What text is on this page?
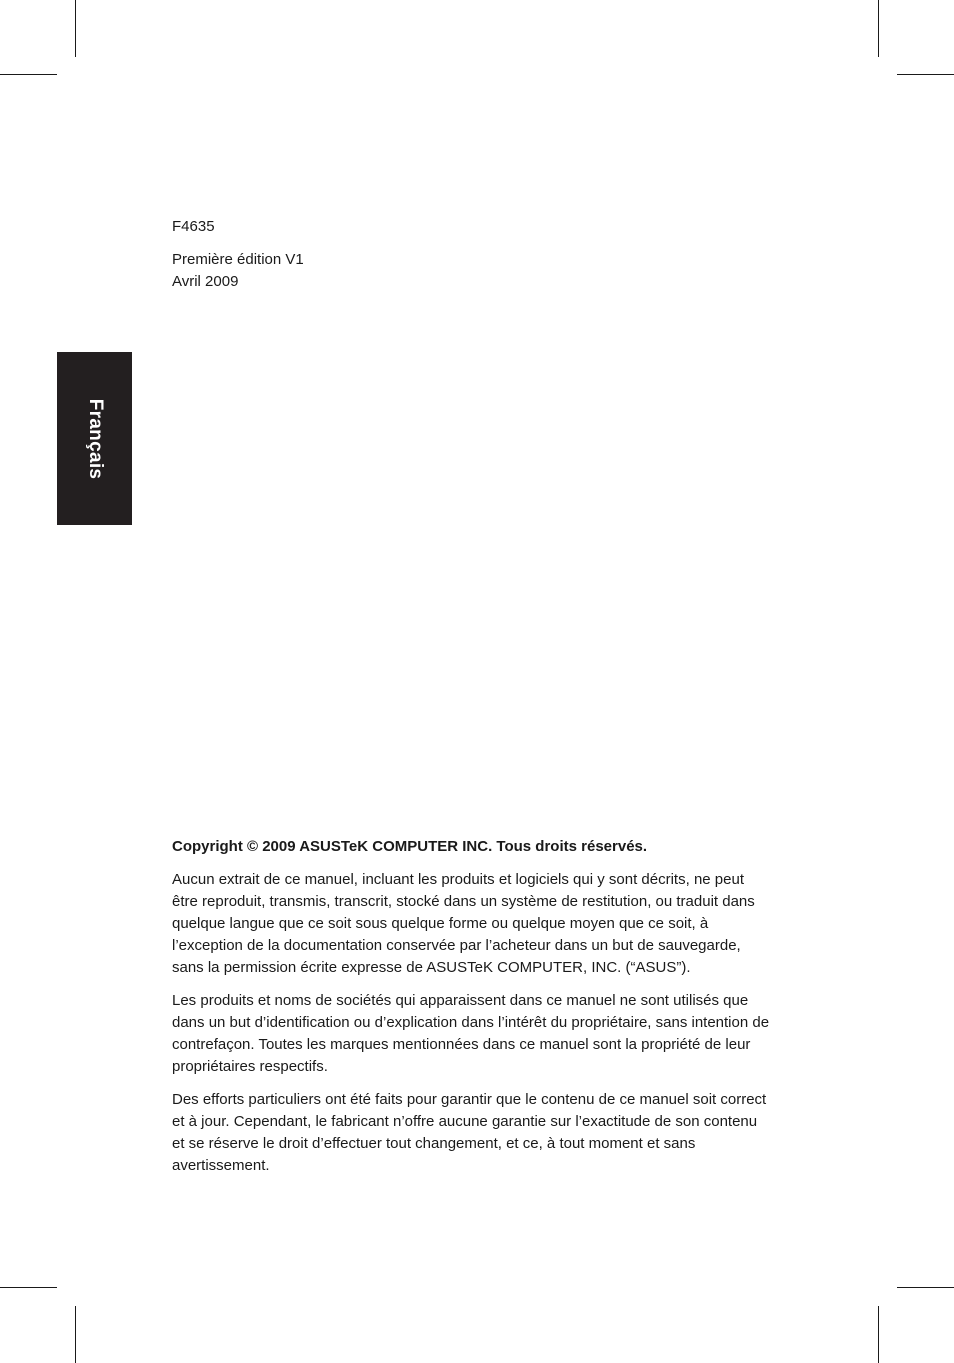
Français

F4635

Première édition V1

Avril 2009

Copyright © 2009 ASUSTeK COMPUTER INC. Tous droits réservés.

Aucun extrait de ce manuel, incluant les produits et logiciels qui y sont décrits, ne peut être reproduit, transmis, transcrit, stocké dans un système de restitution, ou traduit dans quelque langue que ce soit sous quelque forme ou quelque moyen que ce soit, à l’exception de la documentation conservée par l’acheteur dans un but de sauvegarde, sans la permission écrite expresse de ASUSTeK COMPUTER, INC. (“ASUS”).

Les produits et noms de sociétés qui apparaissent dans ce manuel ne sont utilisés que dans un but d’identification ou d’explication dans l’intérêt du propriétaire, sans intention de contrefaçon. Toutes les marques mentionnées dans ce manuel sont la propriété de leur propriétaires respectifs.

Des efforts particuliers ont été faits pour garantir que le contenu de ce manuel soit correct et à jour. Cependant, le fabricant n’offre aucune garantie sur l’exactitude de son contenu et se réserve le droit d’effectuer tout changement, et ce, à tout moment et sans avertissement.
